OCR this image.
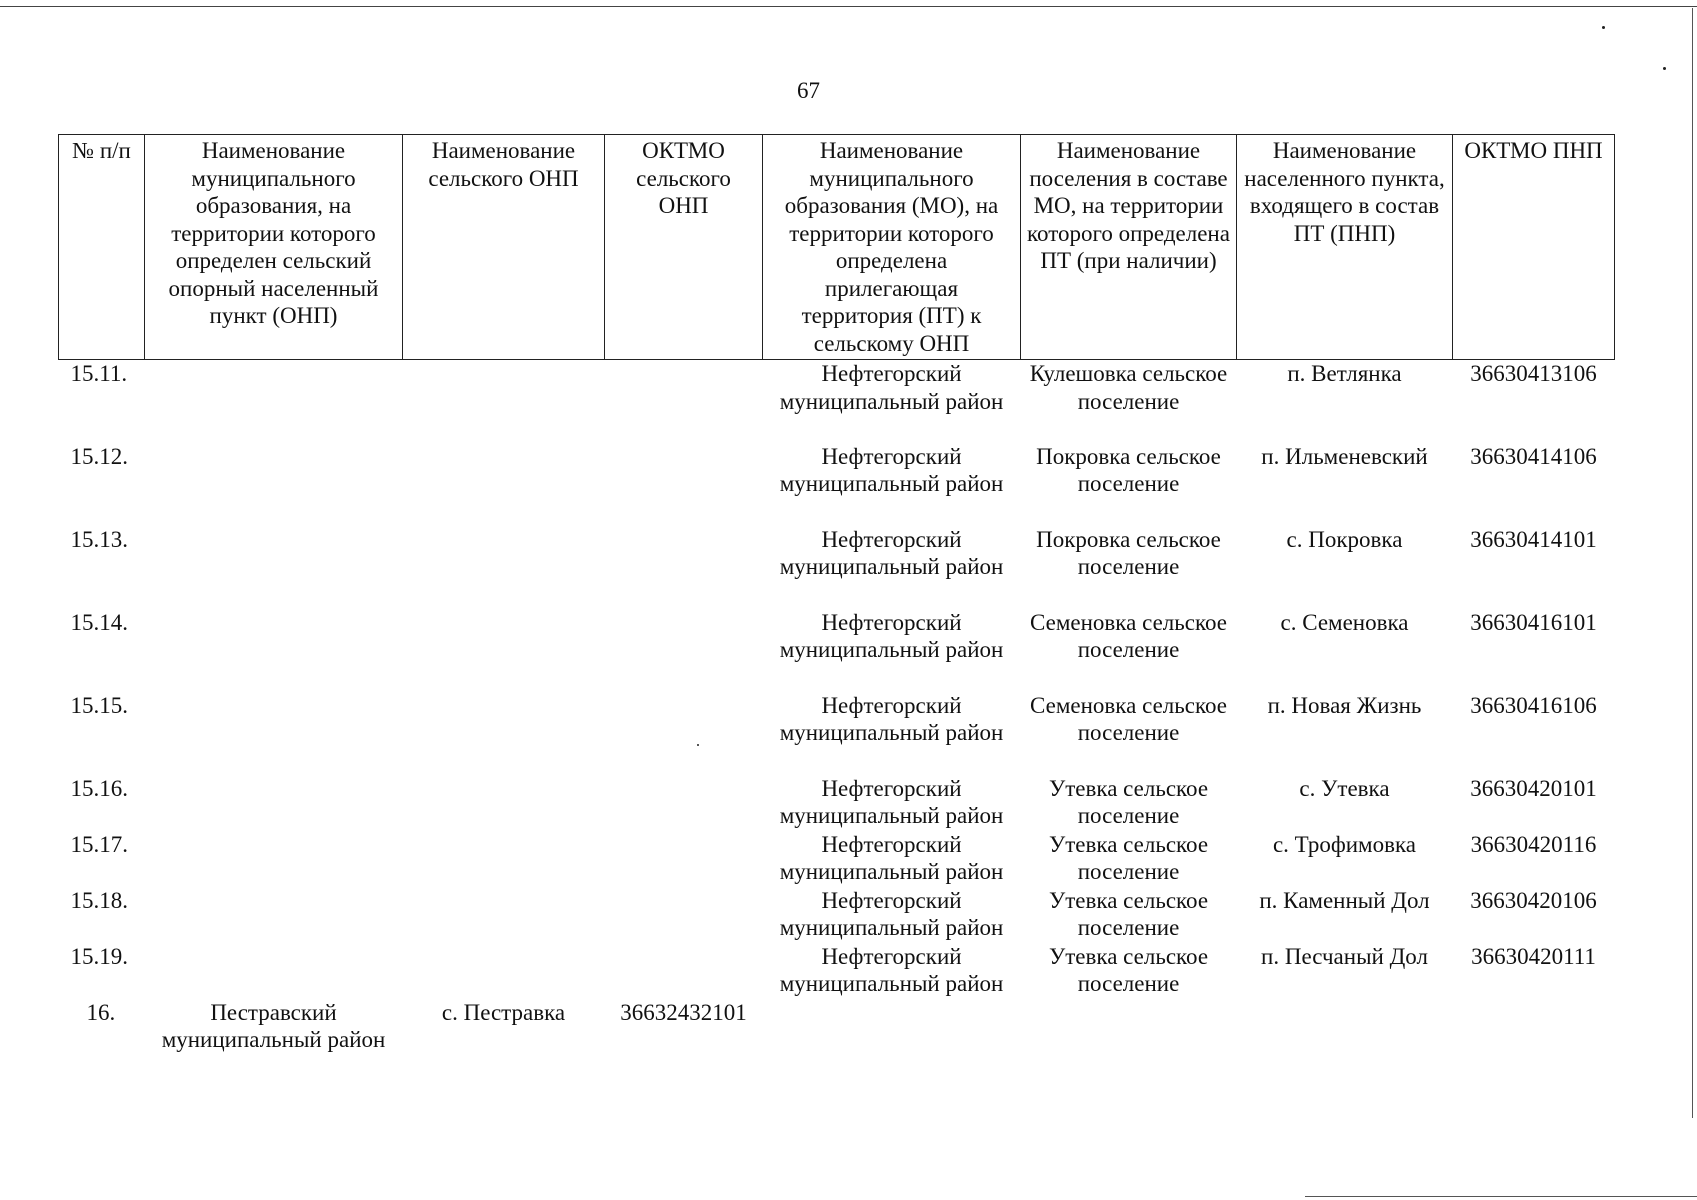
67
№ п/п	Наименование муниципального образования, на территории которого определен сельский опорный населенный пункт (ОНП)	Наименование сельского ОНП	ОКТМО сельского ОНП	Наименование муниципального образования (МО), на территории которого определена прилегающая территория (ПТ) к сельскому ОНП	Наименование поселения в составе МО, на территории которого определена ПТ (при наличии)	Наименование населенного пункта, входящего в состав ПТ (ПНП)	ОКТМО ПНП
15.11.				Нефтегорский муниципальный район	Кулешовка сельское поселение	п. Ветлянка	36630413106
15.12.				Нефтегорский муниципальный район	Покровка сельское поселение	п. Ильменевский	36630414106
15.13.				Нефтегорский муниципальный район	Покровка сельское поселение	с. Покровка	36630414101
15.14.				Нефтегорский муниципальный район	Семеновка сельское поселение	с. Семеновка	36630416101
15.15.				Нефтегорский муниципальный район	Семеновка сельское поселение	п. Новая Жизнь	36630416106
15.16.				Нефтегорский муниципальный район	Утевка сельское поселение	с. Утевка	36630420101
15.17.				Нефтегорский муниципальный район	Утевка сельское поселение	с. Трофимовка	36630420116
15.18.				Нефтегорский муниципальный район	Утевка сельское поселение	п. Каменный Дол	36630420106
15.19.				Нефтегорский муниципальный район	Утевка сельское поселение	п. Песчаный Дол	36630420111
16.	Пестравский муниципальный район	с. Пестравка	36632432101				
